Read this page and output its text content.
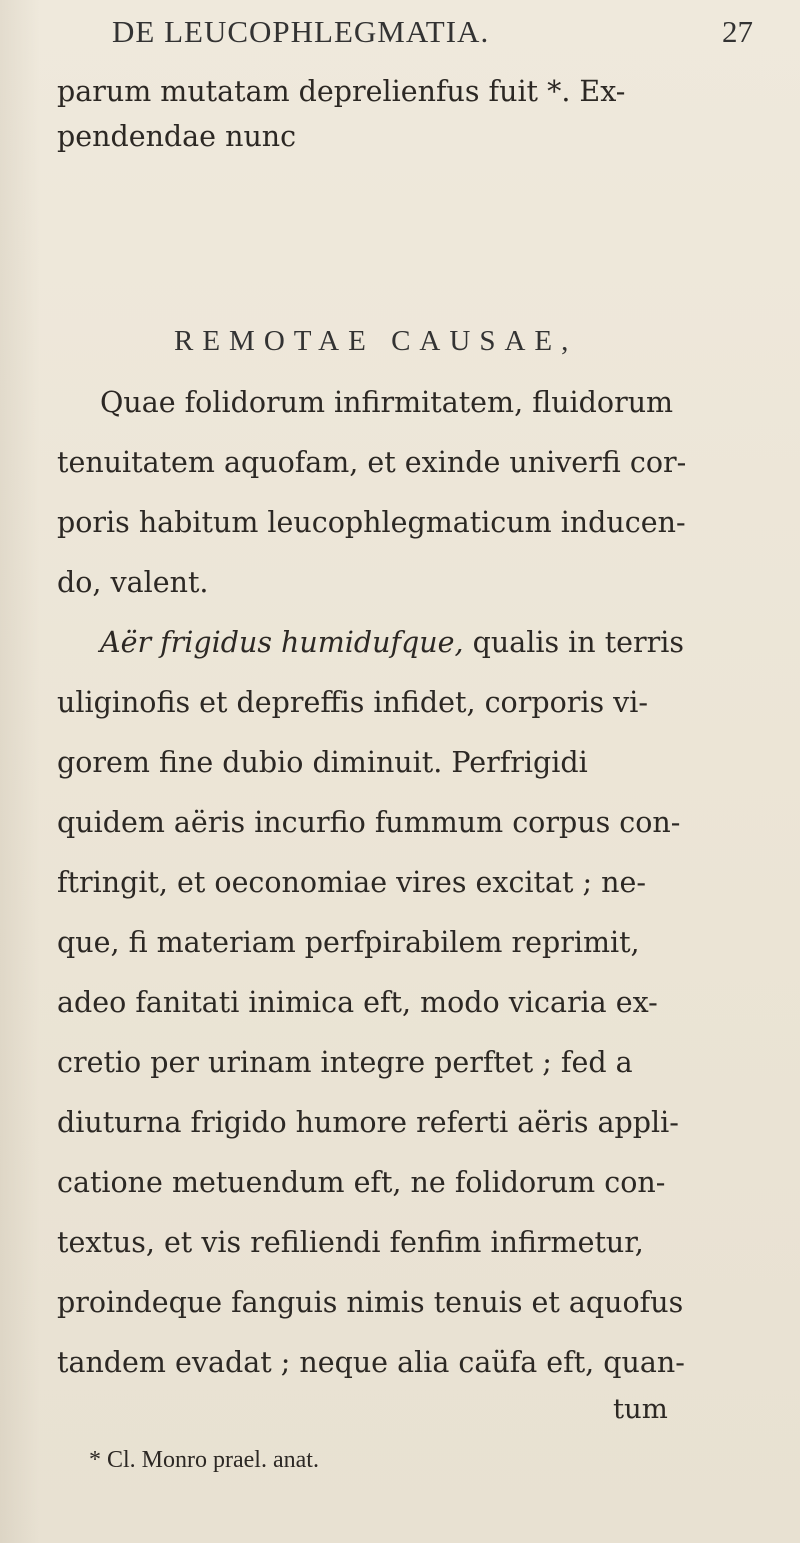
DE LEUCOPHLEGMATIA.	27
parum mutatam deprelienfus fuit *. Ex-
pendendae nunc
REMOTAE CAUSAE,
Quae folidorum infirmitatem, fluidorum
tenuitatem aquofam, et exinde univerfi cor-
poris habitum leucophlegmaticum inducen-
do, valent.
Aër frigidus humidufque, qualis in terris
uliginofis et depreffis infidet, corporis vi-
gorem fine dubio diminuit. Perfrigidi
quidem aëris incurfio fummum corpus con-
ftringit, et oeconomiae vires excitat ; ne-
que, fi materiam perfpirabilem reprimit,
adeo fanitati inimica eft, modo vicaria ex-
cretio per urinam integre perftet ; fed a
diuturna frigido humore referti aëris appli-
catione metuendum eft, ne folidorum con-
textus, et vis refiliendi fenfim infirmetur,
proindeque fanguis nimis tenuis et aquofus
tandem evadat ; neque alia caüfa eft, quan-
tum
* Cl. Monro prael. anat.
